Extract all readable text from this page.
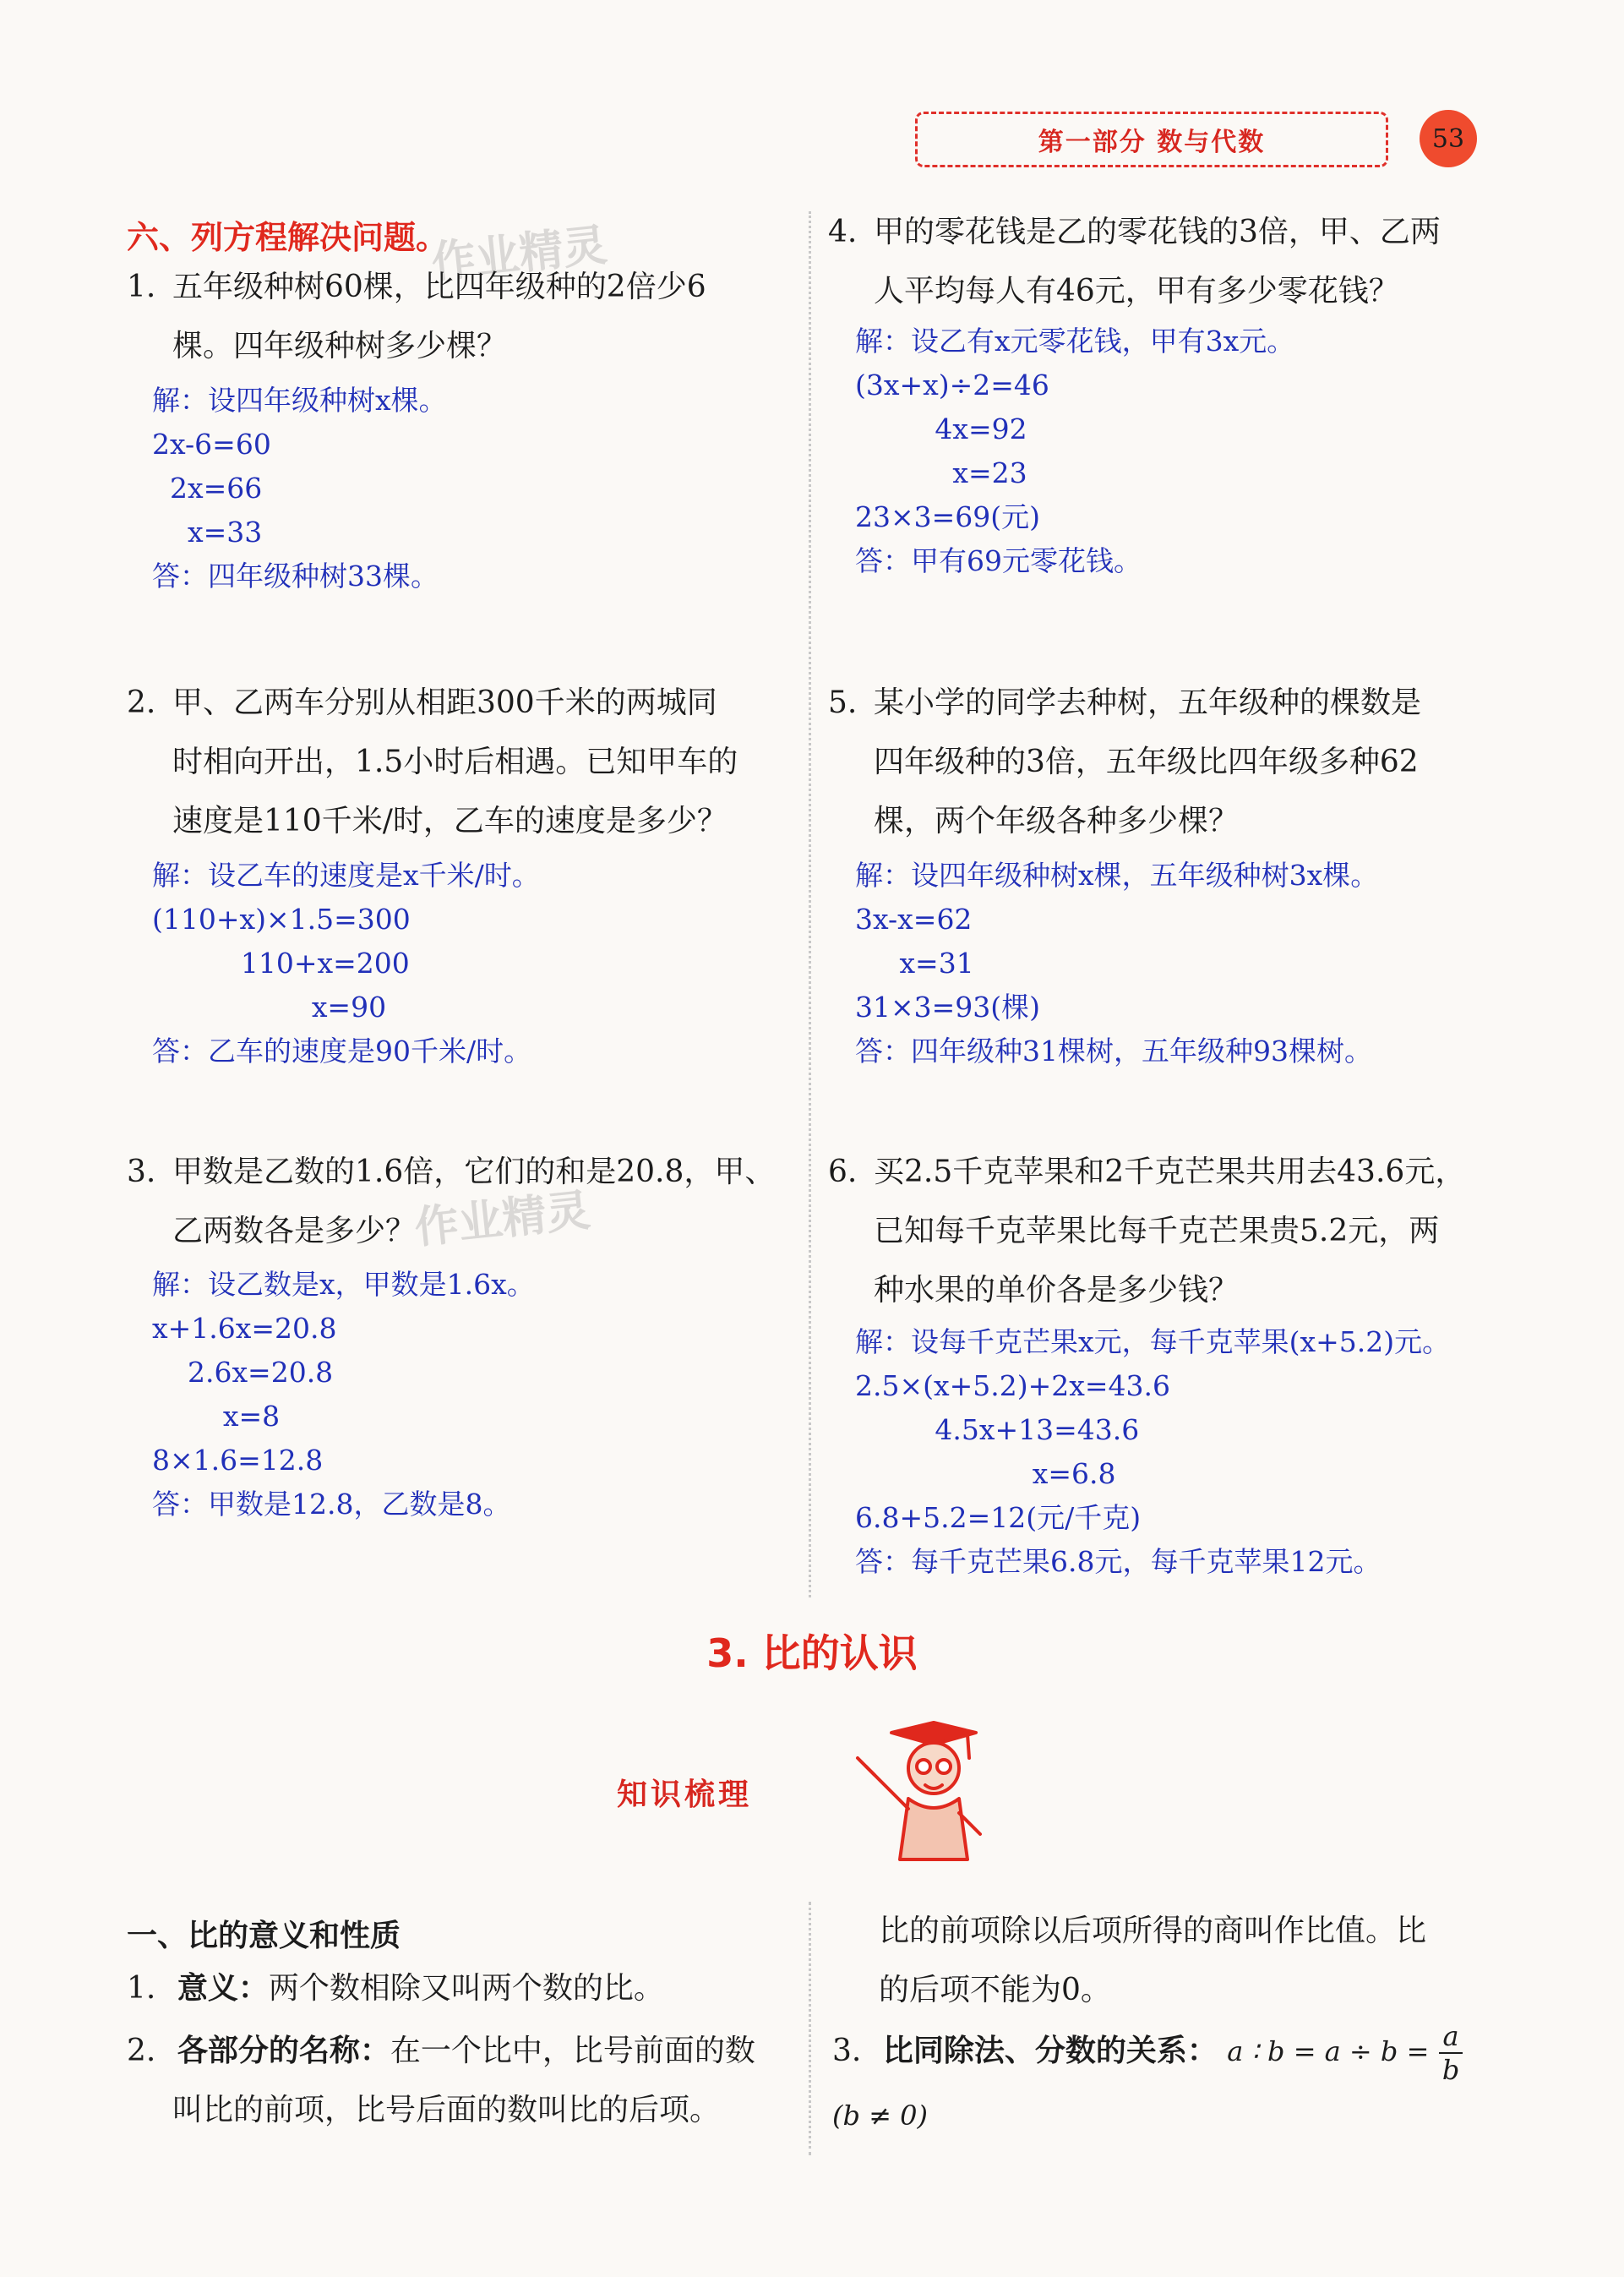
第一部分 数与代数	53
六、列方程解决问题。
作业精灵
作业精灵
1. 五年级种树60棵，比四年级种的2倍少6
棵。四年级种树多少棵？
解：设四年级种树x棵。
2x-6=60
2x=66
x=33
答：四年级种树33棵。
2. 甲、乙两车分别从相距300千米的两城同
时相向开出，1.5小时后相遇。已知甲车的
速度是110千米/时，乙车的速度是多少？
解：设乙车的速度是x千米/时。
(110+x)×1.5=300
110+x=200
x=90
答：乙车的速度是90千米/时。
3. 甲数是乙数的1.6倍，它们的和是20.8，甲、
乙两数各是多少？
解：设乙数是x，甲数是1.6x。
x+1.6x=20.8
2.6x=20.8
x=8
8×1.6=12.8
答：甲数是12.8，乙数是8。
4. 甲的零花钱是乙的零花钱的3倍，甲、乙两
人平均每人有46元，甲有多少零花钱？
解：设乙有x元零花钱，甲有3x元。
(3x+x)÷2=46
4x=92
x=23
23×3=69(元)
答：甲有69元零花钱。
5. 某小学的同学去种树，五年级种的棵数是
四年级种的3倍，五年级比四年级多种62
棵，两个年级各种多少棵？
解：设四年级种树x棵，五年级种树3x棵。
3x-x=62
x=31
31×3=93(棵)
答：四年级种31棵树，五年级种93棵树。
6. 买2.5千克苹果和2千克芒果共用去43.6元，
已知每千克苹果比每千克芒果贵5.2元，两
种水果的单价各是多少钱？
解：设每千克芒果x元，每千克苹果(x+5.2)元。
2.5×(x+5.2)+2x=43.6
4.5x+13=43.6
x=6.8
6.8+5.2=12(元/千克)
答：每千克芒果6.8元，每千克苹果12元。
3. 比的认识
知识梳理
一、比的意义和性质
1. 意义：两个数相除又叫两个数的比。
2. 各部分的名称：在一个比中，比号前面的数
叫比的前项，比号后面的数叫比的后项。
比的前项除以后项所得的商叫作比值。比
的后项不能为0。
3. 比同除法、分数的关系： a ∶ $b = a \div b = \frac{a}{b}$
(b ≠ 0)
